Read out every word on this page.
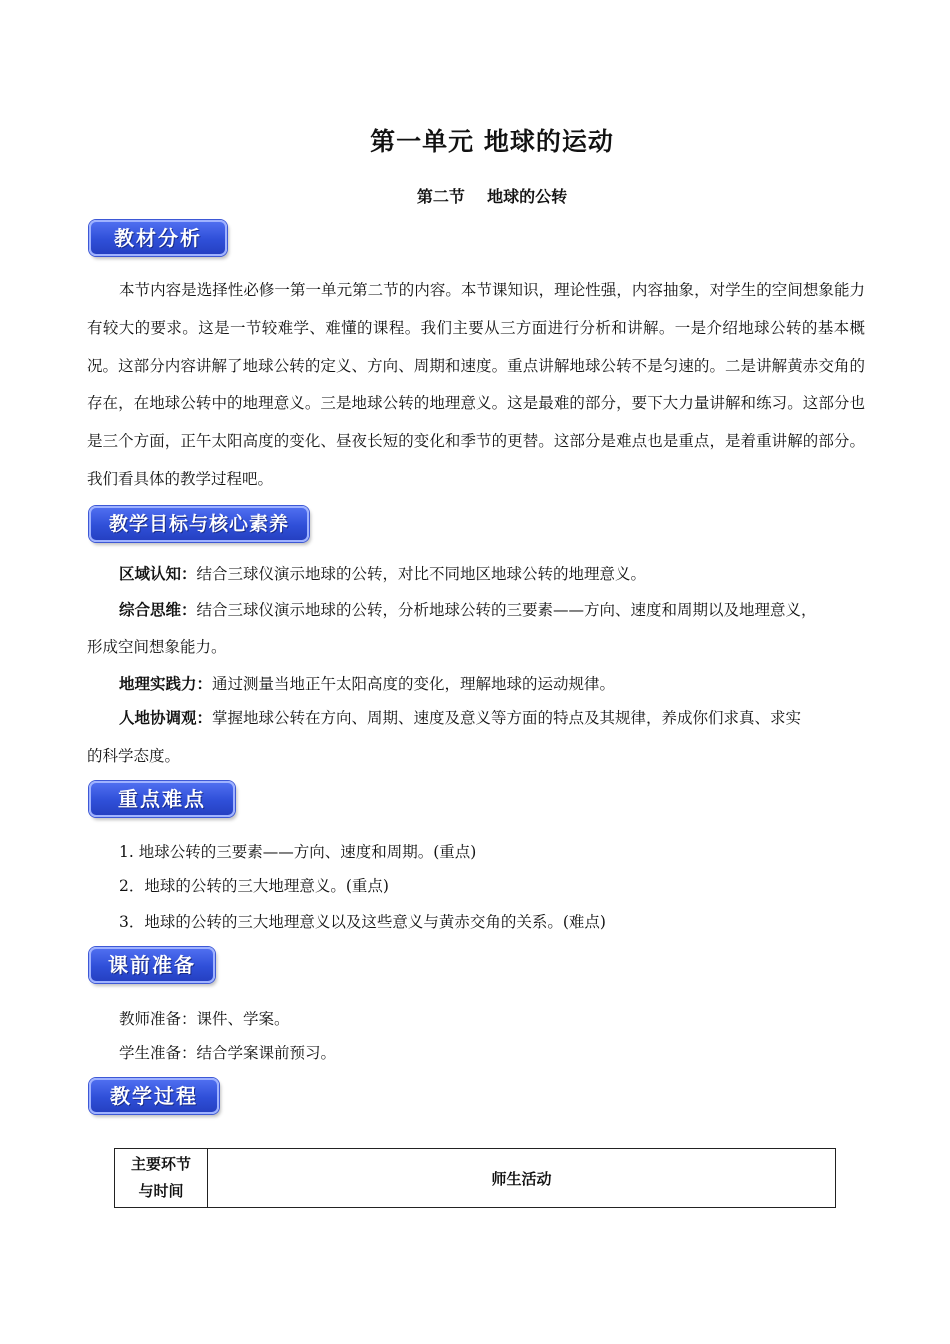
第一单元 地球的运动
第二节    地球的公转
教材分析
本节内容是选择性必修一第一单元第二节的内容。本节课知识，理论性强，内容抽象，对学生的空间想象能力有较大的要求。这是一节较难学、难懂的课程。我们主要从三方面进行分析和讲解。一是介绍地球公转的基本概况。这部分内容讲解了地球公转的定义、方向、周期和速度。重点讲解地球公转不是匀速的。二是讲解黄赤交角的存在，在地球公转中的地理意义。三是地球公转的地理意义。这是最难的部分，要下大力量讲解和练习。这部分也是三个方面，正午太阳高度的变化、昼夜长短的变化和季节的更替。这部分是难点也是重点，是着重讲解的部分。我们看具体的教学过程吧。
教学目标与核心素养
区域认知：结合三球仪演示地球的公转，对比不同地区地球公转的地理意义。
综合思维：结合三球仪演示地球的公转，分析地球公转的三要素——方向、速度和周期以及地理意义，
形成空间想象能力。
地理实践力：通过测量当地正午太阳高度的变化，理解地球的运动规律。
人地协调观：掌握地球公转在方向、周期、速度及意义等方面的特点及其规律，养成你们求真、求实
的科学态度。
重点难点
1. 地球公转的三要素——方向、速度和周期。(重点)
2．地球的公转的三大地理意义。(重点)
3．地球的公转的三大地理意义以及这些意义与黄赤交角的关系。(难点)
课前准备
教师准备：课件、学案。
学生准备：结合学案课前预习。
教学过程
主要环节
与时间
	师生活动
